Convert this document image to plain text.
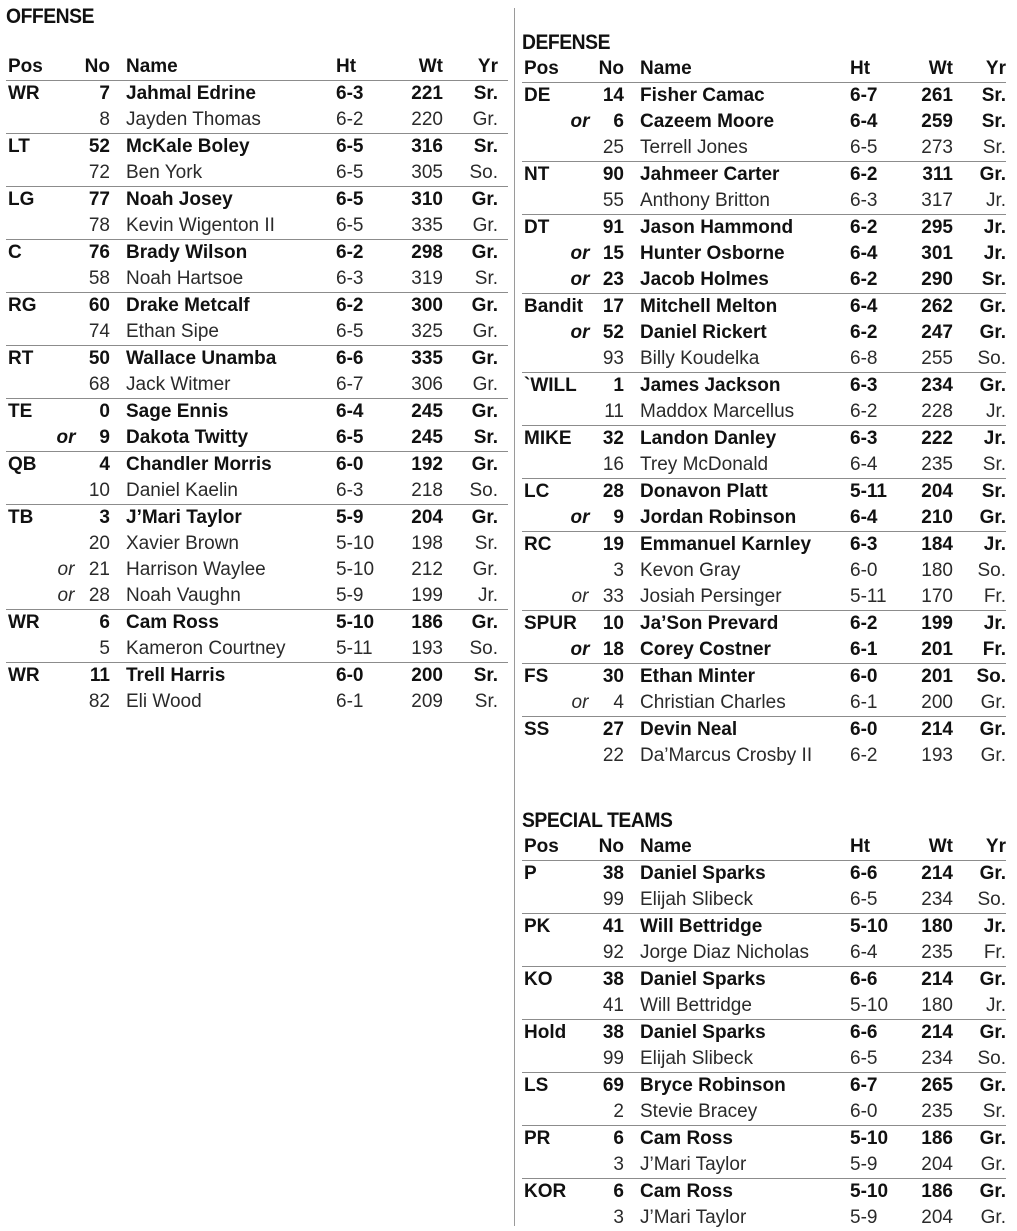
OFFENSE
Pos	No Name	Ht	Wt	Yr
WR	7 Jahmal Edrine	6-3	221	Sr.
8 Jayden Thomas	6-2	220	Gr.
LT	52 McKale Boley	6-5	316	Sr.
72 Ben York	6-5	305	So.
LG	77 Noah Josey	6-5	310	Gr.
78 Kevin Wigenton II	6-5	335	Gr.
C	76 Brady Wilson	6-2	298	Gr.
58 Noah Hartsoe	6-3	319	Sr.
RG	60 Drake Metcalf	6-2	300	Gr.
74 Ethan Sipe	6-5	325	Gr.
RT	50 Wallace Unamba	6-6	335	Gr.
68 Jack Witmer	6-7	306	Gr.
TE	0 Sage Ennis	6-4	245	Gr.
or	9 Dakota Twitty	6-5	245	Sr.
QB	4 Chandler Morris	6-0	192	Gr.
10 Daniel Kaelin	6-3	218	So.
TB	3 J’Mari Taylor	5-9	204	Gr.
20 Xavier Brown	5-10	198	Sr.
or 21 Harrison Waylee	5-10	212	Gr.
or 28 Noah Vaughn	5-9	199	Jr.
WR	6 Cam Ross	5-10	186	Gr.
5 Kameron Courtney	5-11	193	So.
WR	11 Trell Harris	6-0	200	Sr.
82 Eli Wood	6-1	209	Sr.
DEFENSE
Pos	No Name	Ht	Wt	Yr
DE	14 Fisher Camac	6-7	261	Sr.
or	6 Cazeem Moore	6-4	259	Sr.
25 Terrell Jones	6-5	273	Sr.
NT	90 Jahmeer Carter	6-2	311	Gr.
55 Anthony Britton	6-3	317	Jr.
DT	91 Jason Hammond	6-2	295	Jr.
or 15 Hunter Osborne	6-4	301	Jr.
or 23 Jacob Holmes	6-2	290	Sr.
Bandit	17 Mitchell Melton	6-4	262	Gr.
or 52 Daniel Rickert	6-2	247	Gr.
93 Billy Koudelka	6-8	255	So.
`WILL	1 James Jackson	6-3	234	Gr.
11 Maddox Marcellus	6-2	228	Jr.
MIKE	32 Landon Danley	6-3	222	Jr.
16 Trey McDonald	6-4	235	Sr.
LC	28 Donavon Platt	5-11	204	Sr.
or	9 Jordan Robinson	6-4	210	Gr.
RC	19 Emmanuel Karnley	6-3	184	Jr.
3 Kevon Gray	6-0	180	So.
or 33 Josiah Persinger	5-11	170	Fr.
SPUR	10 Ja’Son Prevard	6-2	199	Jr.
or 18 Corey Costner	6-1	201	Fr.
FS	30 Ethan Minter	6-0	201	So.
or	4 Christian Charles	6-1	200	Gr.
SS	27 Devin Neal	6-0	214	Gr.
22 Da’Marcus Crosby II	6-2	193	Gr.
SPECIAL TEAMS
Pos	No Name	Ht	Wt	Yr
P	38 Daniel Sparks	6-6	214	Gr.
99 Elijah Slibeck	6-5	234	So.
PK	41 Will Bettridge	5-10	180	Jr.
92 Jorge Diaz Nicholas	6-4	235	Fr.
KO	38 Daniel Sparks	6-6	214	Gr.
41 Will Bettridge	5-10	180	Jr.
Hold	38 Daniel Sparks	6-6	214	Gr.
99 Elijah Slibeck	6-5	234	So.
LS	69 Bryce Robinson	6-7	265	Gr.
2 Stevie Bracey	6-0	235	Sr.
PR	6 Cam Ross	5-10	186	Gr.
3 J’Mari Taylor	5-9	204	Gr.
KOR	6 Cam Ross	5-10	186	Gr.
3 J’Mari Taylor	5-9	204	Gr.
